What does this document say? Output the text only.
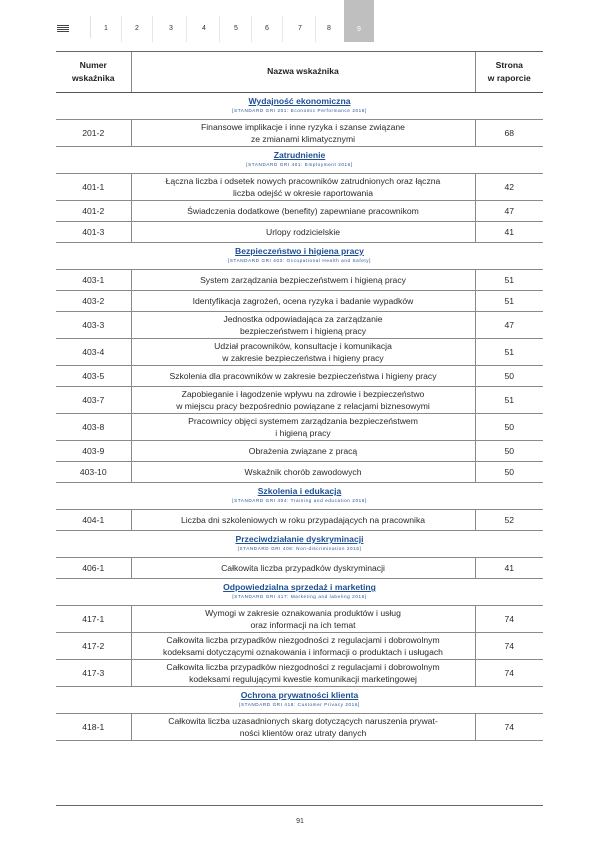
1	2	3	4	5	6	7	8	9
Numer
wskaźnika	Nazwa wskaźnika	Strona
w raporcie

Wydajność ekonomiczna
[STANDARD GRI 201: Economic Performance 2016]		

201-2	Finansowe implikacje i inne ryzyka i szanse związane
ze zmianami klimatycznymi	68

Zatrudnienie
[STANDARD GRI 401: Employment 2016]		

401-1	Łączna liczba i odsetek nowych pracowników zatrudnionych oraz łączna
liczba odejść w okresie raportowania	42
401-2	Świadczenia dodatkowe (benefity) zapewniane pracownikom	47
401-3	Urlopy rodzicielskie	41

Bezpieczeństwo i higiena pracy
[STANDARD GRI 403: Occupational Health and Safety]		

403-1	System zarządzania bezpieczeństwem i higieną pracy	51
403-2	Identyfikacja zagrożeń, ocena ryzyka i badanie wypadków	51
403-3	Jednostka odpowiadająca za zarządzanie
bezpieczeństwem i higieną pracy	47
403-4	Udział pracowników, konsultacje i komunikacja
w zakresie bezpieczeństwa i higieny pracy	51
403-5	Szkolenia dla pracowników w zakresie bezpieczeństwa i higieny pracy	50
403-7	Zapobieganie i łagodzenie wpływu na zdrowie i bezpieczeństwo
w miejscu pracy bezpośrednio powiązane z relacjami biznesowymi	51
403-8	Pracownicy objęci systemem zarządzania bezpieczeństwem
i higieną pracy	50
403-9	Obrażenia związane z pracą	50
403-10	Wskaźnik chorób zawodowych	50

Szkolenia i edukacja
[STANDARD GRI 404: Training and education 2016]		

404-1	Liczba dni szkoleniowych w roku przypadających na pracownika	52

Przeciwdziałanie dyskryminacji
[STANDARD GRI 406: Non-discrimination 2016]		

406-1	Całkowita liczba przypadków dyskryminacji	41

Odpowiedzialna sprzedaż i marketing
[STANDARD GRI 417: Marketing and labeling 2016]		

417-1	Wymogi w zakresie oznakowania produktów i usług
oraz informacji na ich temat	74
417-2	Całkowita liczba przypadków niezgodności z regulacjami i dobrowolnym
kodeksami dotyczącymi oznakowania i informacji o produktach i usługach	74
417-3	Całkowita liczba przypadków niezgodności z regulacjami i dobrowolnym
kodeksami regulującymi kwestie komunikacji marketingowej	74

Ochrona prywatności klienta
[STANDARD GRI 418: Customer Privacy 2016]		

418-1	Całkowita liczba uzasadnionych skarg dotyczących naruszenia prywat-
ności klientów oraz utraty danych	74
91
